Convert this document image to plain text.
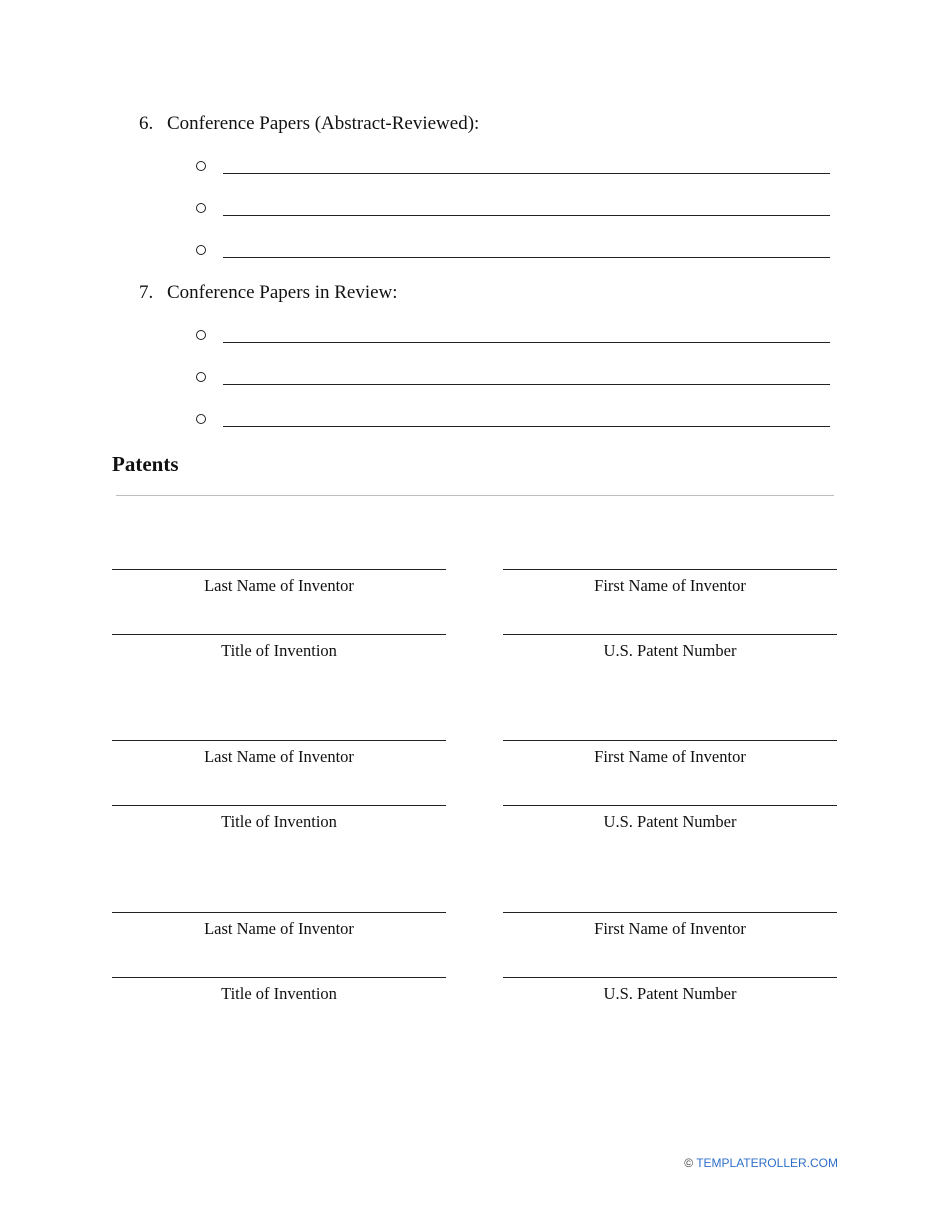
6. Conference Papers (Abstract-Reviewed):
7. Conference Papers in Review:
Patents
Last Name of Inventor	First Name of Inventor
Title of Invention	U.S. Patent Number
Last Name of Inventor	First Name of Inventor
Title of Invention	U.S. Patent Number
Last Name of Inventor	First Name of Inventor
Title of Invention	U.S. Patent Number
© TEMPLATEROLLER.COM
